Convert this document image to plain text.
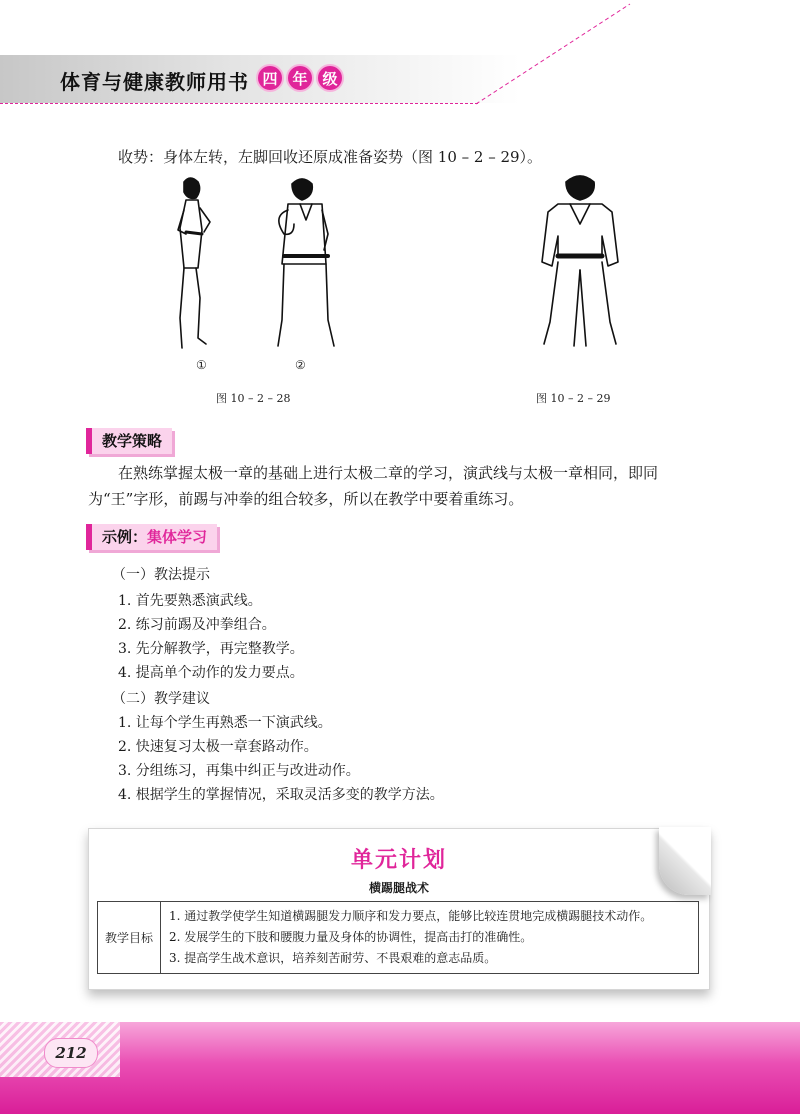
体育与健康教师用书 四 年 级
收势：身体左转，左脚回收还原成准备姿势（图 10 – 2 – 29）。
①	②
图 10 – 2 – 28	图 10 – 2 – 29
教学策略
在熟练掌握太极一章的基础上进行太极二章的学习，演武线与太极一章相同，即同
为“王”字形，前踢与冲拳的组合较多，所以在教学中要着重练习。
示例：集体学习
（一）教法提示
1. 首先要熟悉演武线。
2. 练习前踢及冲拳组合。
3. 先分解教学，再完整教学。
4. 提高单个动作的发力要点。
（二）教学建议
1. 让每个学生再熟悉一下演武线。
2. 快速复习太极一章套路动作。
3. 分组练习，再集中纠正与改进动作。
4. 根据学生的掌握情况，采取灵活多变的教学方法。
单元计划
横踢腿战术
教学目标	
1. 通过教学使学生知道横踢腿发力顺序和发力要点，能够比较连贯地完成横踢腿技术动作。
2. 发展学生的下肢和腰腹力量及身体的协调性，提高击打的准确性。
3. 提高学生战术意识，培养刻苦耐劳、不畏艰难的意志品质。
212
